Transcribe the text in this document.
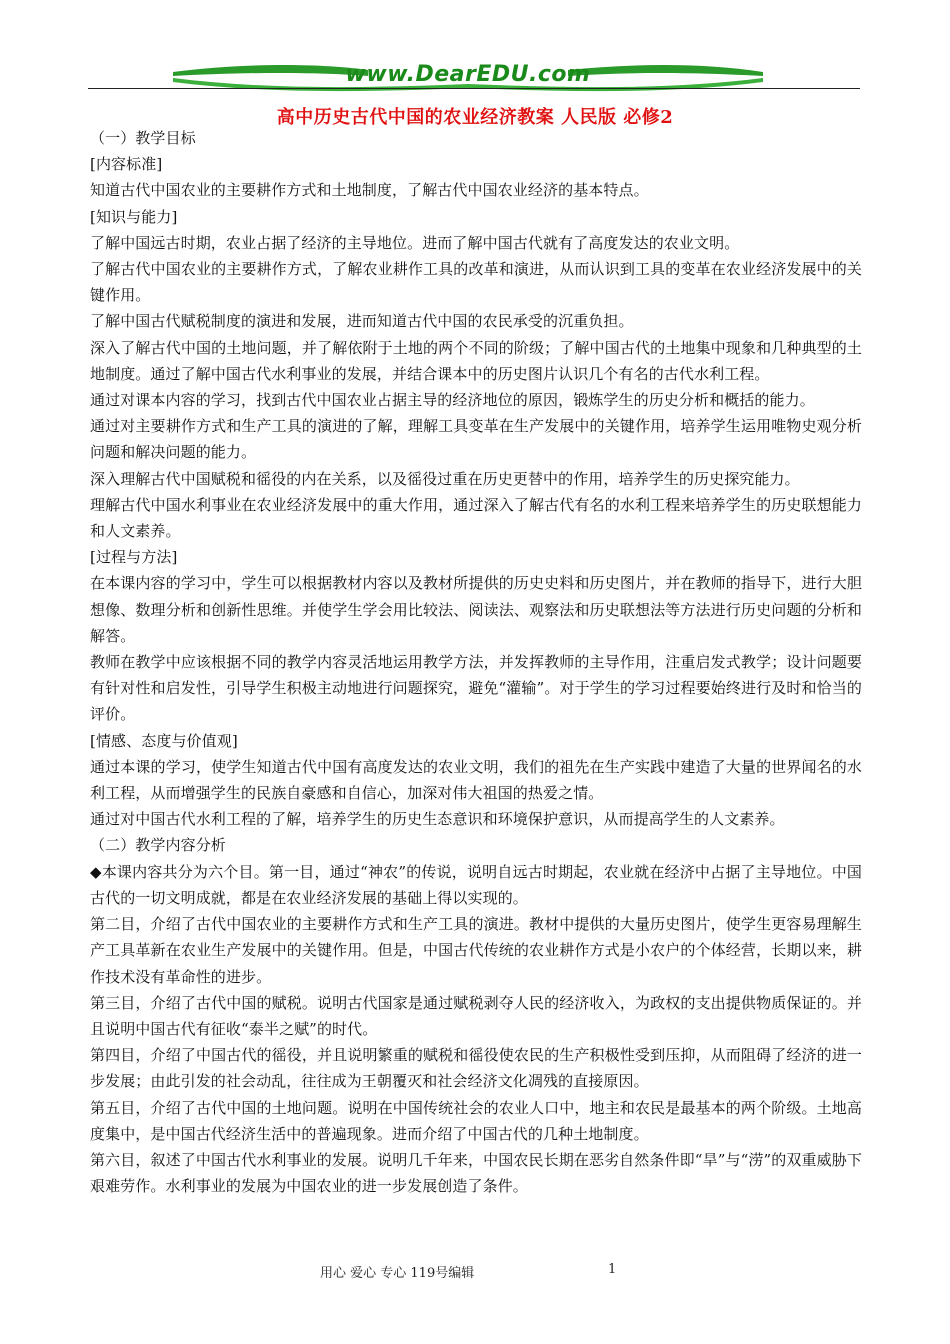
www.DearEDU.com
高中历史古代中国的农业经济教案 人民版 必修2

（一）教学目标

[内容标准]

知道古代中国农业的主要耕作方式和土地制度，了解古代中国农业经济的基本特点。

[知识与能力]

了解中国远古时期，农业占据了经济的主导地位。进而了解中国古代就有了高度发达的农业文明。

了解古代中国农业的主要耕作方式，了解农业耕作工具的改革和演进，从而认识到工具的变革在农业经济发展中的关键作用。

了解中国古代赋税制度的演进和发展，进而知道古代中国的农民承受的沉重负担。

深入了解古代中国的土地问题，并了解依附于土地的两个不同的阶级；了解中国古代的土地集中现象和几种典型的土地制度。通过了解中国古代水利事业的发展，并结合课本中的历史图片认识几个有名的古代水利工程。

通过对课本内容的学习，找到古代中国农业占据主导的经济地位的原因，锻炼学生的历史分析和概括的能力。

通过对主要耕作方式和生产工具的演进的了解，理解工具变革在生产发展中的关键作用，培养学生运用唯物史观分析问题和解决问题的能力。

深入理解古代中国赋税和徭役的内在关系，以及徭役过重在历史更替中的作用，培养学生的历史探究能力。

理解古代中国水利事业在农业经济发展中的重大作用，通过深入了解古代有名的水利工程来培养学生的历史联想能力和人文素养。

[过程与方法]

在本课内容的学习中，学生可以根据教材内容以及教材所提供的历史史料和历史图片，并在教师的指导下，进行大胆想像、数理分析和创新性思维。并使学生学会用比较法、阅读法、观察法和历史联想法等方法进行历史问题的分析和解答。

教师在教学中应该根据不同的教学内容灵活地运用教学方法，并发挥教师的主导作用，注重启发式教学；设计问题要有针对性和启发性，引导学生积极主动地进行问题探究，避免“灌输”。对于学生的学习过程要始终进行及时和恰当的评价。

[情感、态度与价值观]

通过本课的学习，使学生知道古代中国有高度发达的农业文明，我们的祖先在生产实践中建造了大量的世界闻名的水利工程，从而增强学生的民族自豪感和自信心，加深对伟大祖国的热爱之情。

通过对中国古代水利工程的了解，培养学生的历史生态意识和环境保护意识，从而提高学生的人文素养。

（二）教学内容分析

◆本课内容共分为六个目。第一目，通过“神农”的传说，说明自远古时期起，农业就在经济中占据了主导地位。中国古代的一切文明成就，都是在农业经济发展的基础上得以实现的。

第二目，介绍了古代中国农业的主要耕作方式和生产工具的演进。教材中提供的大量历史图片，使学生更容易理解生产工具革新在农业生产发展中的关键作用。但是，中国古代传统的农业耕作方式是小农户的个体经营，长期以来，耕作技术没有革命性的进步。

第三目，介绍了古代中国的赋税。说明古代国家是通过赋税剥夺人民的经济收入，为政权的支出提供物质保证的。并且说明中国古代有征收“泰半之赋”的时代。

第四目，介绍了中国古代的徭役，并且说明繁重的赋税和徭役使农民的生产积极性受到压抑，从而阻碍了经济的进一步发展；由此引发的社会动乱，往往成为王朝覆灭和社会经济文化凋残的直接原因。

第五目，介绍了古代中国的土地问题。说明在中国传统社会的农业人口中，地主和农民是最基本的两个阶级。土地高度集中，是中国古代经济生活中的普遍现象。进而介绍了中国古代的几种土地制度。

第六目，叙述了中国古代水利事业的发展。说明几千年来，中国农民长期在恶劣自然条件即“旱”与“涝”的双重威胁下艰难劳作。水利事业的发展为中国农业的进一步发展创造了条件。

用心 爱心 专心 119号编辑	1
